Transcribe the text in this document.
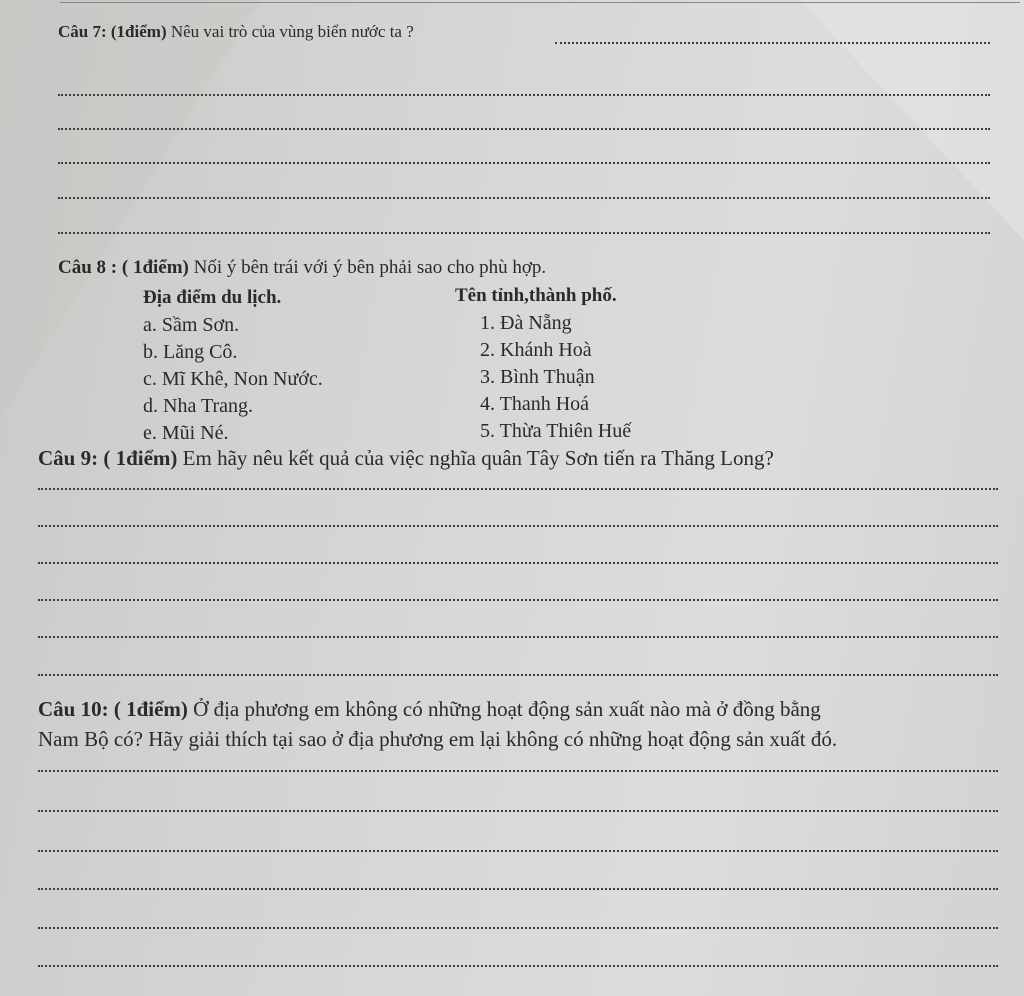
Câu 7: (1điểm) Nêu vai trò của vùng biển nước ta ?
Câu 8 : ( 1điểm) Nối ý bên trái với ý bên phải sao cho phù hợp.
Địa điểm du lịch.	Tên tỉnh,thành phố.
a. Sầm Sơn.
b. Lăng Cô.
c. Mĩ Khê, Non Nước.
d. Nha Trang.
e. Mũi Né.
1. Đà Nẵng
2. Khánh Hoà
3. Bình Thuận
4. Thanh Hoá
5. Thừa Thiên Huế
Câu 9: ( 1điểm) Em hãy nêu kết quả của việc nghĩa quân Tây Sơn tiến ra Thăng Long?
Câu 10: ( 1điểm) Ở địa phương em không có những hoạt động sản xuất nào mà ở đồng bằng
Nam Bộ có? Hãy giải thích tại sao ở địa phương em lại không có những hoạt động sản xuất đó.
